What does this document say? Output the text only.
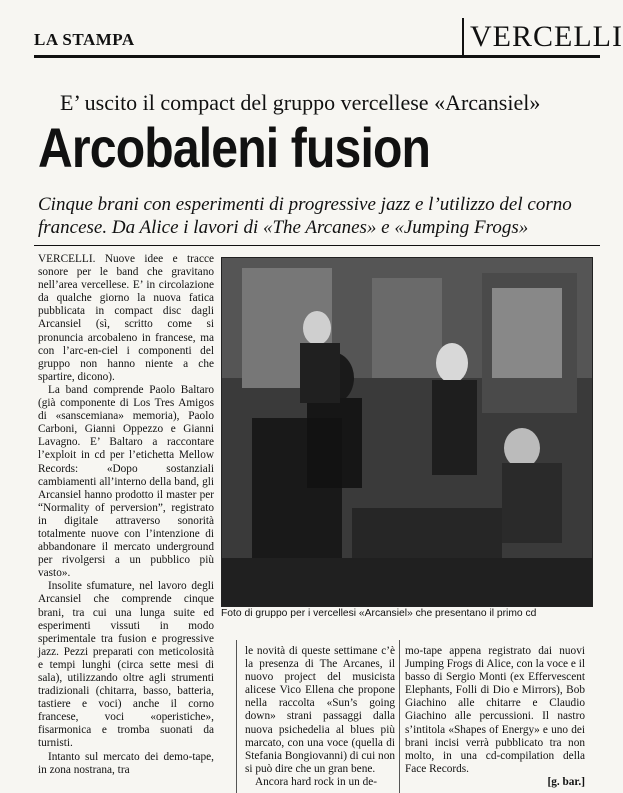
LA STAMPA	VERCELLI
E’ uscito il compact del gruppo vercellese «Arcansiel»
Arcobaleni fusion
Cinque brani con esperimenti di progressive jazz e l’utilizzo del corno francese. Da Alice i lavori di «The Arcanes» e «Jumping Frogs»

VERCELLI. Nuove idee e tracce sonore per le band che gravitano nell’area vercellese. E’ in circolazione da qualche giorno la nuova fatica pubblicata in compact disc dagli Arcansiel (sì, scritto come si pronuncia arcobaleno in francese, ma con l’arc-en-ciel i componenti del gruppo non hanno niente a che spartire, dicono).

La band comprende Paolo Baltaro (già componente di Los Tres Amigos di «sanscemiana» memoria), Paolo Carboni, Gianni Oppezzo e Gianni Lavagno. E’ Baltaro a raccontare l’exploit in cd per l’etichetta Mellow Records: «Dopo sostanziali cambiamenti all’interno della band, gli Arcansiel hanno prodotto il master per “Normality of perversion”, registrato in digitale attraverso sonorità totalmente nuove con l’intenzione di abbandonare il mercato underground per rivolgersi a un pubblico più vasto».

Insolite sfumature, nel lavoro degli Arcansiel che comprende cinque brani, tra cui una lunga suite ed esperimenti vissuti in modo sperimentale tra fusion e progressive jazz. Pezzi preparati con meticolosità e tempi lunghi (circa sette mesi di sala), utilizzando oltre agli strumenti tradizionali (chitarra, basso, batteria, tastiere e voci) anche il corno francese, voci «operistiche», fisarmonica e tromba suonati da turnisti.

Intanto sul mercato dei demo-tape, in zona nostrana, tra

Foto di gruppo per i vercellesi «Arcansiel» che presentano il primo cd

le novità di queste settimane c’è la presenza di The Arcanes, il nuovo project del musicista alicese Vico Ellena che propone nella raccolta «Sun’s going down» strani passaggi dalla nuova psichedelia al blues più marcato, con una voce (quella di Stefania Bongiovanni) di cui non si può dire che un gran bene.

Ancora hard rock in un de-

mo-tape appena registrato dai nuovi Jumping Frogs di Alice, con la voce e il basso di Sergio Monti (ex Effervescent Elephants, Folli di Dio e Mirrors), Bob Giachino alle chitarre e Claudio Giachino alle percussioni. Il nastro s’intitola «Shapes of Energy» e uno dei brani incisi verrà pubblicato tra non molto, in una cd-compilation della Face Records.

[g. bar.]
